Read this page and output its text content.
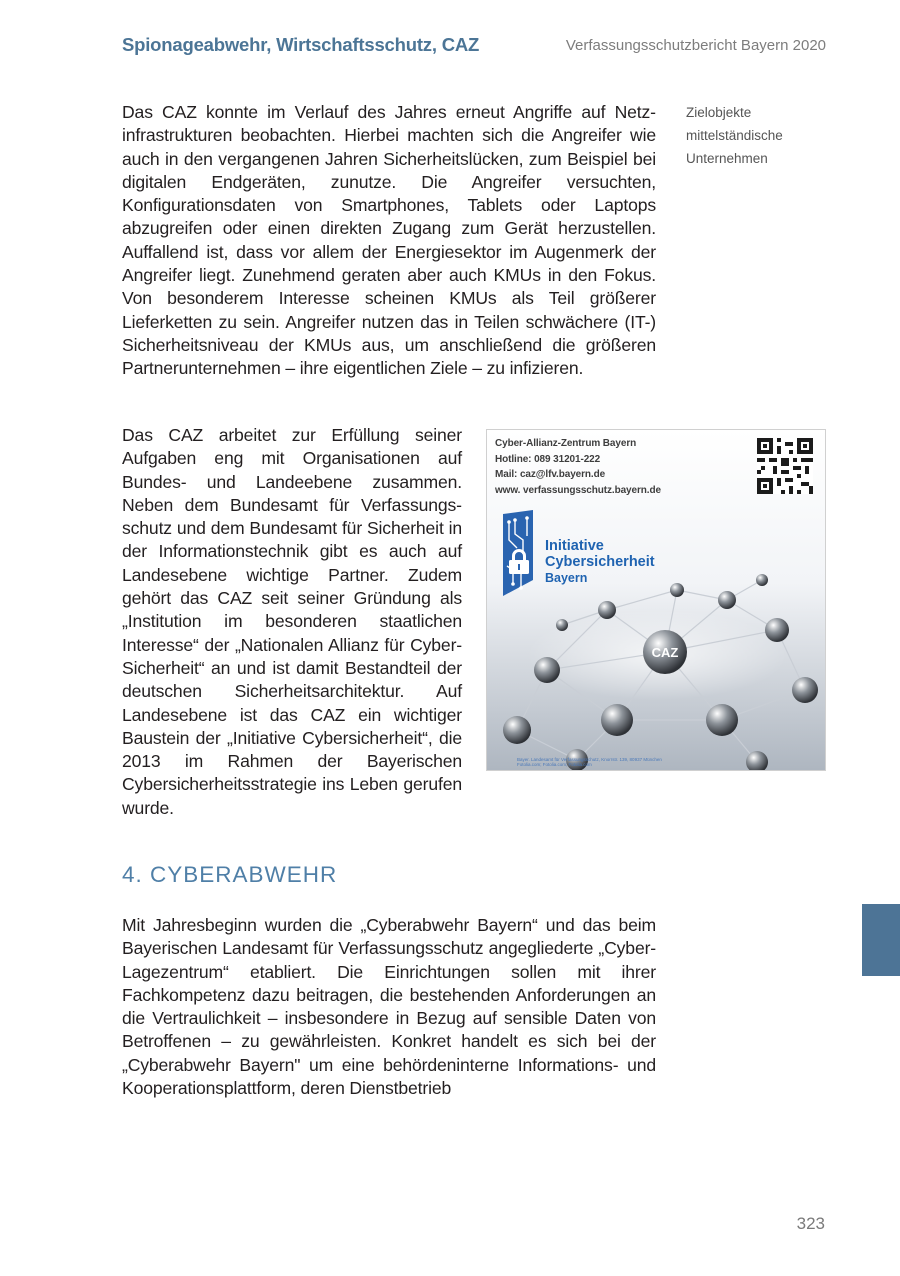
Spionageabwehr, Wirtschaftsschutz, CAZ	Verfassungsschutzbericht Bayern 2020

Das CAZ konnte im Verlauf des Jahres erneut Angriffe auf Netzinfrastrukturen beobachten. Hierbei machten sich die Angreifer wie auch in den vergangenen Jahren Sicherheitslücken, zum Beispiel bei digitalen Endgeräten, zunutze. Die Angreifer versuchten, Konfigurationsdaten von Smartphones, Tablets oder Laptops abzugreifen oder einen direkten Zugang zum Gerät herzustellen. Auffallend ist, dass vor allem der Energiesektor im Augenmerk der Angreifer liegt. Zunehmend geraten aber auch KMUs in den Fokus. Von besonderem Interesse scheinen KMUs als Teil größerer Lieferketten zu sein. Angreifer nutzen das in Teilen schwächere (IT-) Sicherheitsniveau der KMUs aus, um anschließend die größeren Partnerunternehmen – ihre eigentlichen Ziele – zu infizieren.

Zielobjekte
mittelständische
Unternehmen

Das CAZ arbeitet zur Erfüllung seiner Aufgaben eng mit Organisationen auf Bundes- und Landeebene zusammen. Neben dem Bundesamt für Verfassungsschutz und dem Bundesamt für Sicherheit in der Informationstechnik gibt es auch auf Landesebene wichtige Partner. Zudem gehört das CAZ seit seiner Gründung als „Institution im besonderen staatlichen Interesse“ der „Nationalen Allianz für Cyber-Sicherheit“ an und ist damit Bestandteil der deutschen Sicherheitsarchitektur. Auf Landesebene ist das CAZ ein wichtiger Baustein der „Initiative Cybersicherheit“, die 2013 im Rahmen der Bayerischen Cybersicherheitsstrategie ins Leben gerufen wurde.

CAZ
Cyber-Allianz-Zentrum Bayern
Hotline: 089 31201-222
Mail: caz@lfv.bayern.de
www. verfassungsschutz.bayern.de
Initiative
Cybersicherheit
Bayern
Bayer. Landesamt für Verfassungsschutz, Knorrstr. 139, 80937 München
Fotolia.com; Fotolia.com; Fotolia.com
4. CYBERABWEHR

Mit Jahresbeginn wurden die „Cyberabwehr Bayern“ und das beim Bayerischen Landesamt für Verfassungsschutz angegliederte „Cyber-Lagezentrum“ etabliert. Die Einrichtungen sollen mit ihrer Fachkompetenz dazu beitragen, die bestehenden Anforderungen an die Vertraulichkeit – insbesondere in Bezug auf sensible Daten von Betroffenen – zu gewährleisten. Konkret handelt es sich bei der „Cyberabwehr Bayern" um eine behördeninterne Informations- und Kooperationsplattform, deren Dienstbetrieb

323
